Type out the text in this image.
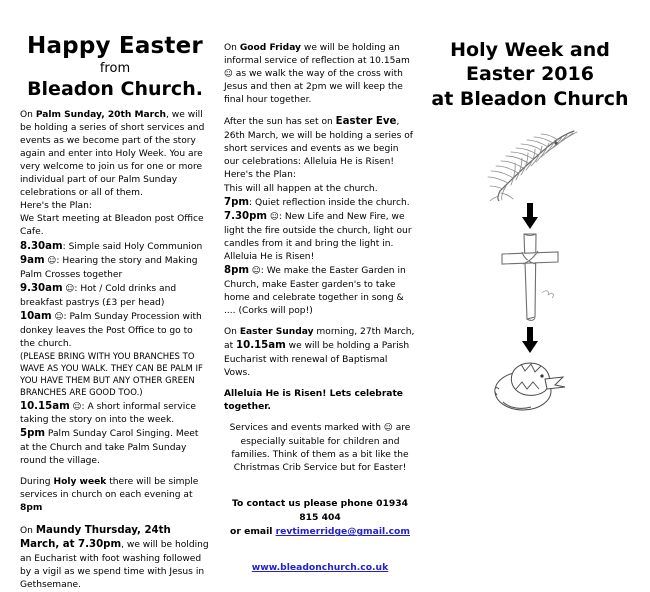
Happy Easter
from
Bleadon Church.

On Palm Sunday, 20th March, we will be holding a series of short services and events as we become part of the story again and enter into Holy Week. You are very welcome to join us for one or more individual part of our Palm Sunday celebrations or all of them.

Here's the Plan:

We Start meeting at Bleadon post Office Cafe.

8.30am: Simple said Holy Communion

9am ☺: Hearing the story and Making Palm Crosses together

9.30am ☺: Hot / Cold drinks and breakfast pastrys (£3 per head)

10am ☺: Palm Sunday Procession with donkey leaves the Post Office to go to the church.

(PLEASE BRING WITH YOU BRANCHES TO WAVE AS YOU WALK. THEY CAN BE PALM IF YOU HAVE THEM BUT ANY OTHER GREEN BRANCHES ARE GOOD TOO.)

10.15am ☺: A short informal service taking the story on into the week.

5pm Palm Sunday Carol Singing. Meet at the Church and take Palm Sunday round the village.

During Holy week there will be simple services in church on each evening at 8pm

On Maundy Thursday, 24th March, at 7.30pm, we will be holding an Eucharist with foot washing followed by a vigil as we spend time with Jesus in Gethsemane.

On Good Friday we will be holding an informal service of reflection at 10.15am ☺ as we walk the way of the cross with Jesus and then at 2pm we will keep the final hour together.

After the sun has set on Easter Eve, 26th March, we will be holding a series of short services and events as we begin our celebrations: Alleluia He is Risen!

Here's the Plan:

This will all happen at the church.

7pm: Quiet reflection inside the church.

7.30pm ☺: New Life and New Fire, we light the fire outside the church, light our candles from it and bring the light in. Alleluia He is Risen!

8pm ☺: We make the Easter Garden in Church, make Easter garden's to take home and celebrate together in song & .... (Corks will pop!)

On Easter Sunday morning, 27th March, at 10.15am we will be holding a Parish Eucharist with renewal of Baptismal Vows.

Alleluia He is Risen! Lets celebrate together.

Services and events marked with ☺ are especially suitable for children and families. Think of them as a bit like the Christmas Crib Service but for Easter!

To contact us please phone 01934 815 404
or email revtimerridge@gmail.com
www.bleadonchurch.co.uk
Holy Week and
Easter 2016
at Bleadon Church
